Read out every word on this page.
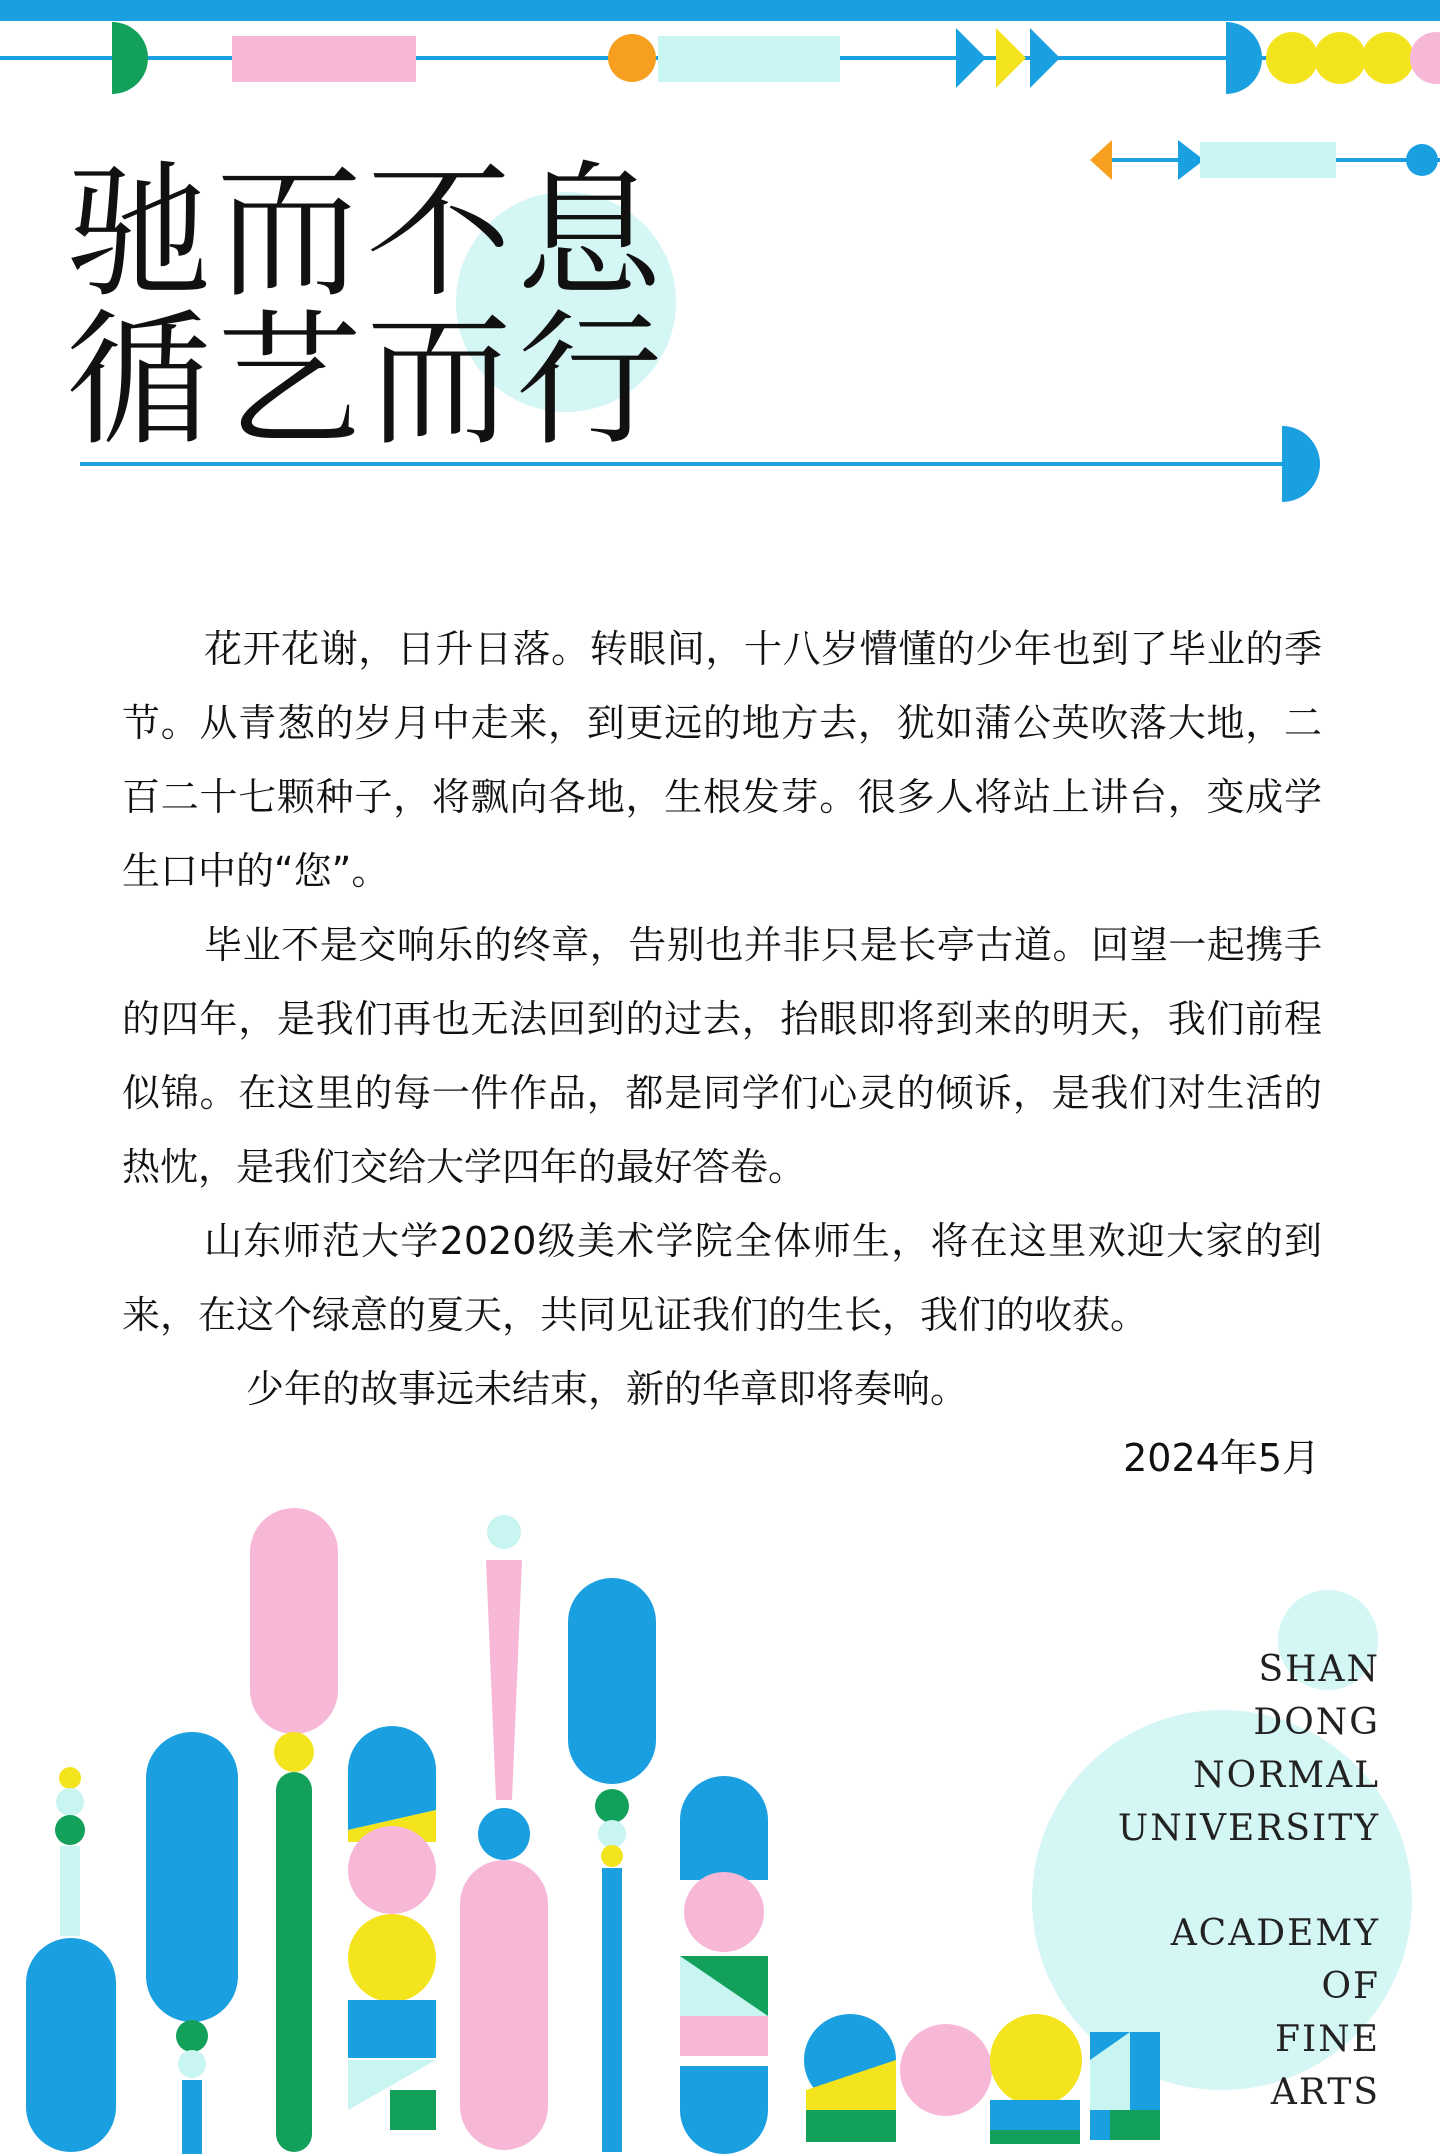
驰而不息
循艺而行

花开花谢，日升日落。转眼间，十八岁懵懂的少年也到了毕业的季节。从青葱的岁月中走来，到更远的地方去，犹如蒲公英吹落大地，二百二十七颗种子，将飘向各地，生根发芽。很多人将站上讲台，变成学生口中的“您”。

毕业不是交响乐的终章，告别也并非只是长亭古道。回望一起携手的四年，是我们再也无法回到的过去，抬眼即将到来的明天，我们前程似锦。在这里的每一件作品，都是同学们心灵的倾诉，是我们对生活的热忱，是我们交给大学四年的最好答卷。

山东师范大学2020级美术学院全体师生，将在这里欢迎大家的到来，在这个绿意的夏天，共同见证我们的生长，我们的收获。

少年的故事远未结束，新的华章即将奏响。

2024年5月
SHAN
DONG
NORMAL
UNIVERSITY
ACADEMY
OF
FINE
ARTS
